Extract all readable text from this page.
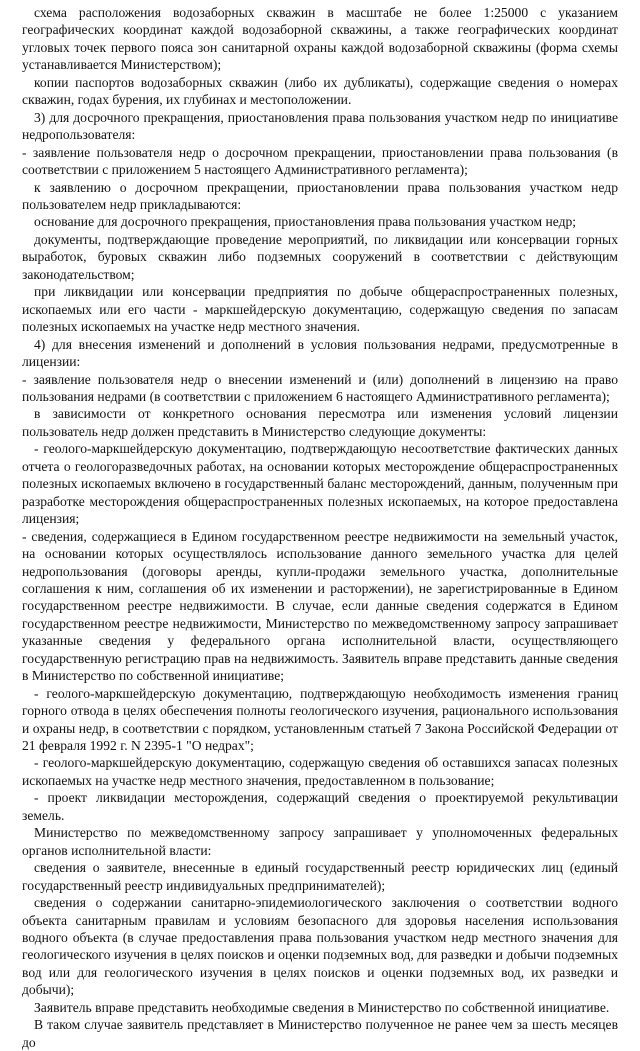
схема расположения водозаборных скважин в масштабе не более 1:25000 с указанием географических координат каждой водозаборной скважины, а также географических координат угловых точек первого пояса зон санитарной охраны каждой водозаборной скважины (форма схемы устанавливается Министерством);

копии паспортов водозаборных скважин (либо их дубликаты), содержащие сведения о номерах скважин, годах бурения, их глубинах и местоположении.

3) для досрочного прекращения, приостановления права пользования участком недр по инициативе недропользователя:

- заявление пользователя недр о досрочном прекращении, приостановлении права пользования (в соответствии с приложением 5 настоящего Административного регламента);

к заявлению о досрочном прекращении, приостановлении права пользования участком недр пользователем недр прикладываются:

основание для досрочного прекращения, приостановления права пользования участком недр;

документы, подтверждающие проведение мероприятий, по ликвидации или консервации горных выработок, буровых скважин либо подземных сооружений в соответствии с действующим законодательством;

при ликвидации или консервации предприятия по добыче общераспространенных полезных, ископаемых или его части - маркшейдерскую документацию, содержащую сведения по запасам полезных ископаемых на участке недр местного значения.

4) для внесения изменений и дополнений в условия пользования недрами, предусмотренные в лицензии:

- заявление пользователя недр о внесении изменений и (или) дополнений в лицензию на право пользования недрами (в соответствии с приложением 6 настоящего Административного регламента);

в зависимости от конкретного основания пересмотра или изменения условий лицензии пользователь недр должен представить в Министерство следующие документы:

- геолого-маркшейдерскую документацию, подтверждающую несоответствие фактических данных отчета о геологоразведочных работах, на основании которых месторождение общераспространенных полезных ископаемых включено в государственный баланс месторождений, данным, полученным при разработке месторождения общераспространенных полезных ископаемых, на которое предоставлена лицензия;

- сведения, содержащиеся в Едином государственном реестре недвижимости на земельный участок, на основании которых осуществлялось использование данного земельного участка для целей недропользования (договоры аренды, купли-продажи земельного участка, дополнительные соглашения к ним, соглашения об их изменении и расторжении), не зарегистрированные в Едином государственном реестре недвижимости. В случае, если данные сведения содержатся в Едином государственном реестре недвижимости, Министерство по межведомственному запросу запрашивает указанные сведения у федерального органа исполнительной власти, осуществляющего государственную регистрацию прав на недвижимость. Заявитель вправе представить данные сведения в Министерство по собственной инициативе;

- геолого-маркшейдерскую документацию, подтверждающую необходимость изменения границ горного отвода в целях обеспечения полноты геологического изучения, рационального использования и охраны недр, в соответствии с порядком, установленным статьей 7 Закона Российской Федерации от 21 февраля 1992 г. N 2395-1 "О недрах";

- геолого-маркшейдерскую документацию, содержащую сведения об оставшихся запасах полезных ископаемых на участке недр местного значения, предоставленном в пользование;

- проект ликвидации месторождения, содержащий сведения о проектируемой рекультивации земель.

Министерство по межведомственному запросу запрашивает у уполномоченных федеральных органов исполнительной власти:

сведения о заявителе, внесенные в единый государственный реестр юридических лиц (единый государственный реестр индивидуальных предпринимателей);

сведения о содержании санитарно-эпидемиологического заключения о соответствии водного объекта санитарным правилам и условиям безопасного для здоровья населения использования водного объекта (в случае предоставления права пользования участком недр местного значения для геологического изучения в целях поисков и оценки подземных вод, для разведки и добычи подземных вод или для геологического изучения в целях поисков и оценки подземных вод, их разведки и добычи);

Заявитель вправе представить необходимые сведения в Министерство по собственной инициативе.

В таком случае заявитель представляет в Министерство полученное не ранее чем за шесть месяцев до
